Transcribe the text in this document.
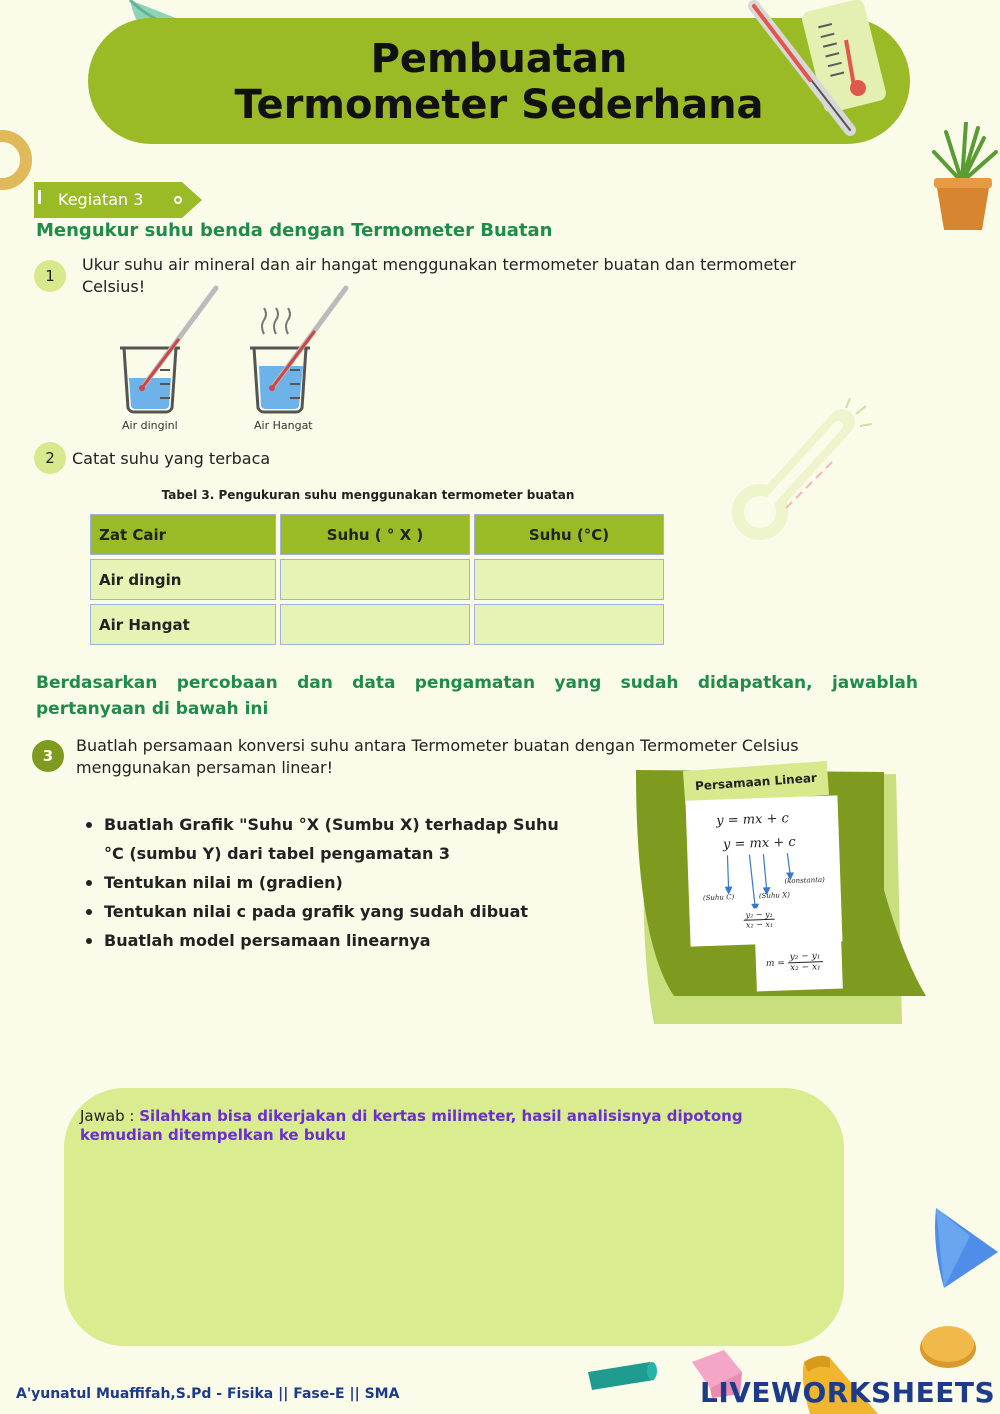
Pembuatan
Termometer Sederhana
Kegiatan 3
Mengukur suhu benda dengan Termometer Buatan
1
Ukur suhu air mineral dan air hangat menggunakan termometer buatan dan termometer Celsius!
Air dinginl	Air Hangat
2	Catat suhu yang terbaca
Tabel 3. Pengukuran suhu menggunakan termometer buatan
Zat Cair	Suhu ( ° X )	Suhu (°C)
Air dingin		
Air Hangat		
Berdasarkan percobaan dan data pengamatan yang sudah didapatkan, jawablah pertanyaan di bawah ini
3
Buatlah persamaan konversi suhu antara Termometer buatan dengan Termometer Celsius menggunakan persaman linear!
Buatlah Grafik "Suhu °X (Sumbu X) terhadap Suhu °C (sumbu Y) dari tabel pengamatan 3
Tentukan nilai m (gradien)
Tentukan nilai c pada grafik yang sudah dibuat
Buatlah model persamaan linearnya
Persamaan Linear
y = mx + c
y = mx + c
(Suhu C)	(Suhu X)
(konstanta)
$\frac{\text{y₂ − y₁}}{\text{x₂ − x₁}}$
$m = \frac{\text{y₂ − y₁}}{\text{x₂ − x₁}}$
Jawab : Silahkan bisa dikerjakan di kertas milimeter, hasil analisisnya dipotong kemudian ditempelkan ke buku
A'yunatul Muaffifah,S.Pd - Fisika || Fase-E || SMA	LIVEWORKSHEETS
